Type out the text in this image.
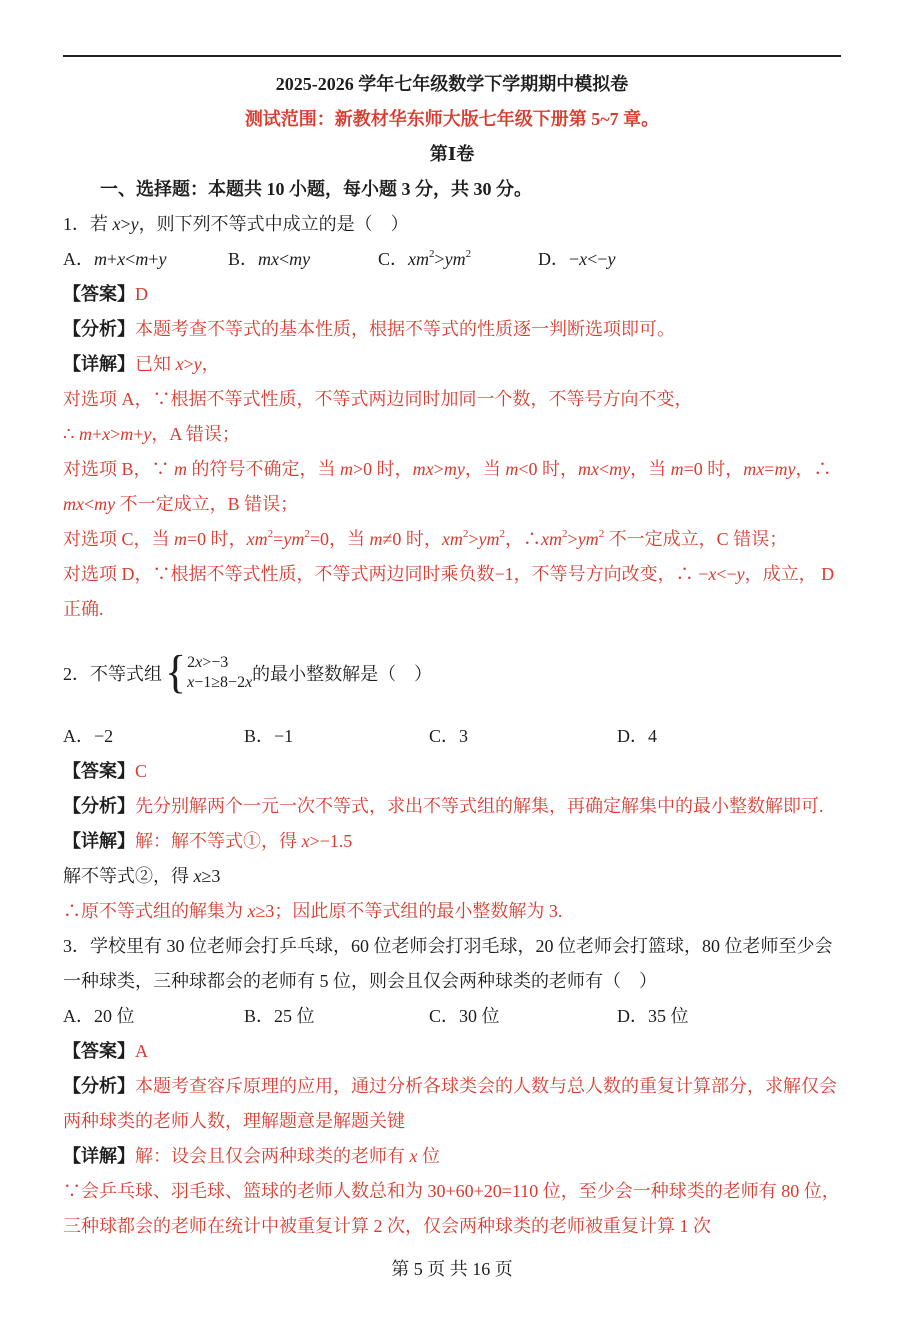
2025-2026 学年七年级数学下学期期中模拟卷

测试范围：新教材华东师大版七年级下册第 5~7 章。

第Ⅰ卷

一、选择题：本题共 10 小题，每小题 3 分，共 30 分。

1．若 x>y，则下列不等式中成立的是（　）

A．m+x<m+y	B．mx<my	C．$xm^2>ym^2$	D．−x<−y

【答案】D

【分析】本题考查不等式的基本性质，根据不等式的性质逐一判断选项即可。

【详解】已知 x>y，

对选项 A，∵根据不等式性质，不等式两边同时加同一个数，不等号方向不变，

∴ m+x>m+y，A 错误；

对选项 B，∵ m 的符号不确定，当 m>0 时，mx>my，当 m<0 时，mx<my，当 m=0 时，mx=my，∴

mx<my 不一定成立，B 错误；

对选项 C，当 m=0 时，$xm^2=ym^2=0$，当 m≠0 时，$xm^2>ym^2$，$\therefore xm^2>ym^2$ 不一定成立，C 错误；

对选项 D，∵根据不等式性质，不等式两边同时乘负数−1，不等号方向改变，∴ −x<−y，成立， D

正确.

2．不等式组 { 2x>−3
x−1≥8−2x 的最小整数解是（　）

A．−2	B．−1	C．3	D．4

【答案】C

【分析】先分别解两个一元一次不等式，求出不等式组的解集，再确定解集中的最小整数解即可.

【详解】解：解不等式①，得 x>−1.5

解不等式②，得 x≥3

∴原不等式组的解集为 x≥3；因此原不等式组的最小整数解为 3.

3．学校里有 30 位老师会打乒乓球，60 位老师会打羽毛球，20 位老师会打篮球，80 位老师至少会

一种球类，三种球都会的老师有 5 位，则会且仅会两种球类的老师有（　）

A．20 位	B．25 位	C．30 位	D．35 位

【答案】A

【分析】本题考查容斥原理的应用，通过分析各球类会的人数与总人数的重复计算部分，求解仅会

两种球类的老师人数，理解题意是解题关键

【详解】解：设会且仅会两种球类的老师有 x 位

∵会乒乓球、羽毛球、篮球的老师人数总和为 30+60+20=110 位，至少会一种球类的老师有 80 位，

三种球都会的老师在统计中被重复计算 2 次，仅会两种球类的老师被重复计算 1 次

第 5 页 共 16 页
